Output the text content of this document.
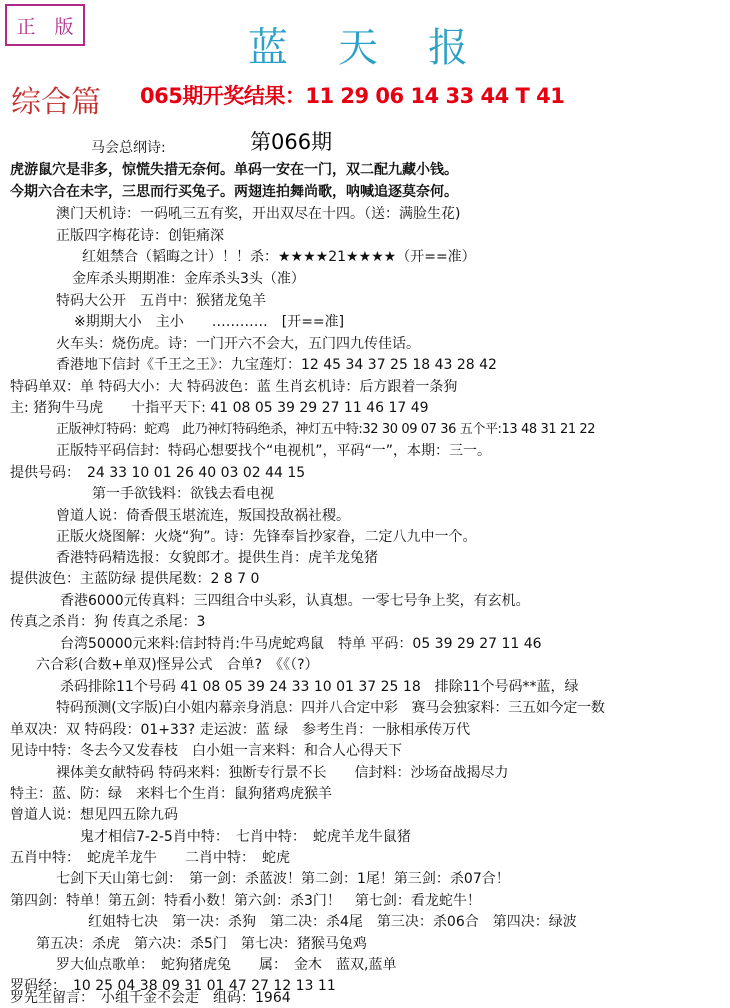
正 版	蓝天报
综合篇 065期开奖结果：11 29 06 14 33 44 T 41
第066期
马会总纲诗:
虎游鼠穴是非多，惊慌失措无奈何。单码一安在一门，双二配九藏小钱。
今期六合在未字，三思而行买兔子。两翅连拍舞尚歌，呐喊追逐莫奈何。
澳门天机诗：一码吼三五有奖，开出双尽在十四。（送：满脸生花)
正版四字梅花诗：创钜痛深
红姐禁合（韬晦之计）！！杀：★★★★21★★★★（开==准）
金库杀头期期准：金库杀头3头（准）
特码大公开　五肖中：猴猪龙兔羊
※期期大小　主小　　…………　[开==准]
火车头：烧伤虎。诗：一门开六不会大，五门四九传佳话。
香港地下信封《千王之王》：九宝莲灯：12 45 34 37 25 18 43 28 42
特码单双：单 特码大小：大 特码波色：蓝 生肖玄机诗：后方跟着一条狗
主: 猪狗牛马虎　　十指平天下: 41 08 05 39 29 27 11 46 17 49
正版神灯特码：蛇鸡　此乃神灯特码绝杀，神灯五中特:32 30 09 07 36 五个平:13 48 31 21 22
正版特平码信封：特码心想要找个“电视机”，平码“一”，本期：三一。
提供号码：　24 33 10 01 26 40 03 02 44 15
第一手欲钱料：欲钱去看电视
曾道人说：倚香偎玉堪流连，叛国投敌祸社稷。
正版火烧图解：火烧“狗”。诗：先锋奉旨抄家眷，二定八九中一个。
香港特码精选报：女貌郎才。提供生肖：虎羊龙兔猪
提供波色：主蓝防绿 提供尾数：2 8 7 0
香港6000元传真料：三四组合中头彩，认真想。一零七号争上奖，有玄机。
传真之杀肖：狗 传真之杀尾：3
台湾50000元来料:信封特肖:牛马虎蛇鸡鼠　特单 平码：05 39 29 27 11 46
六合彩(合数+单双)怪异公式　合单?　《《（?）
杀码排除11个号码 41 08 05 39 24 33 10 01 37 25 18　排除11个号码**蓝，绿
特码预测(文字版)白小姐内幕亲身消息：四并八合定中彩　赛马会独家料：三五如今定一数
单双决：双 特码段：01+33? 走运波：蓝 绿　参考生肖：一脉相承传万代
见诗中特：冬去今又发春枝　白小姐一言来料：和合人心得天下
裸体美女献特码 特码来料：独断专行景不长　　信封料：沙场奋战揭尽力
特主：蓝、防：绿　来料七个生肖：鼠狗猪鸡虎猴羊
曾道人说：想见四五除九码
鬼才相信7-2-5肖中特：　七肖中特：　蛇虎羊龙牛鼠猪
五肖中特：　蛇虎羊龙牛　　二肖中特：　蛇虎
七剑下天山第七剑：　第一剑：杀蓝波！第二剑：1尾！第三剑：杀07合！
第四剑：特单！第五剑：特看小数！第六剑：杀3门！　第七剑：看龙蛇牛！
红姐特七决　第一决：杀狗　第二决：杀4尾　第三决：杀06合　第四决：绿波
第五决：杀虎　第六决：杀5门　第七决：猪猴马兔鸡
罗大仙点歌单：　蛇狗猪虎兔　　属：　金木　蓝双,蓝单
罗码经：　10 25 04 38 09 31 01 47 27 12 13 11
罗先生留言：　小组千金不会走　组码：1964
